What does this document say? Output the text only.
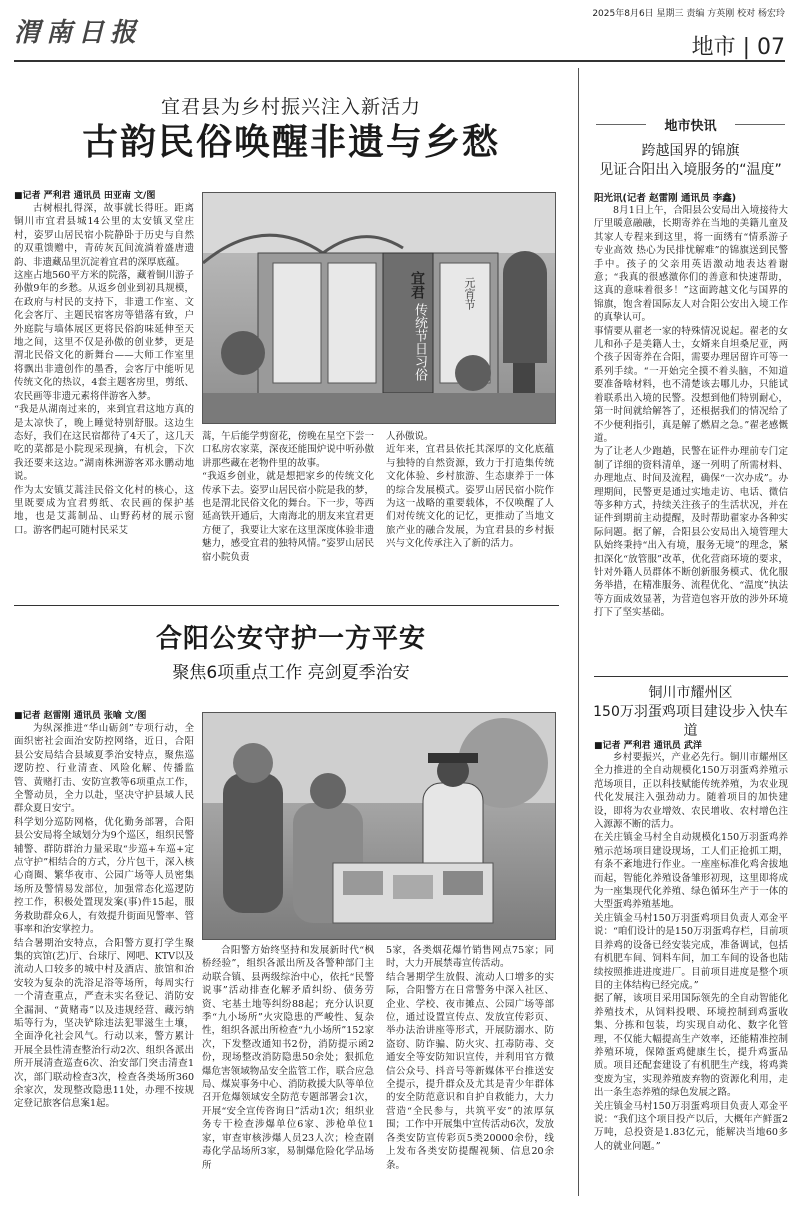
渭南日报
2025年8月6日 星期三 责编 方英刚 校对 杨宏玲
地市 | 07
宜君县为乡村振兴注入新活力
古韵民俗唤醒非遗与乡愁
■记者 严利君 通讯员 田亚南 文/图

古树根扎得深，故事就长得旺。距离铜川市宜君县城14公里的太安镇叉堂庄村，姿罗山居民宿小院静卧于历史与自然的双重馈赠中，青砖灰瓦间流淌着盛唐遗韵、非遗藏品里沉淀着宜君的深厚底蕴。
这座占地560平方米的院落，藏着铜川游子孙傲9年的乡愁。从返乡创业到初具规模，在政府与村民的支持下，非遗工作室、文化会客厅、主题民宿客房等错落有致，户外庭院与墙体展区更将民俗韵味延伸至天地之间，这里不仅是孙傲的创业梦，更是渭北民俗文化的新舞台——大师工作室里将飘出非遗创作的墨香，会客厅中能听见传统文化的热议，4套主题客房里，剪纸、农民画等非遗元素将伴游客入梦。
“我是从湖南过来的，来到宜君这地方真的是太凉快了，晚上睡觉特别舒服。这边生态好，我们在这民宿都待了4天了，这几天吃的菜都是小院现采现摘，有机会，下次我还要来这边。”湖南株洲游客邓永鹏动地说。
作为太安镇艾蒿洼民俗文化村的核心，这里既要成为宜君剪纸、农民画的保护基地，也是艾蒿制品、山野药材的展示窗口。游客們起可随村民采艾

宜君
传统节日习俗
元宵节

蒿，午后能学剪窗花，傍晚在星空下尝一口私房农家菜，深夜还能围炉说中听孙傲讲那些藏在老物件里的故事。
“我返乡创业，就是想把家乡的传统文化传承下去。姿罗山居民宿小院是我的梦，也是渭北民俗文化的舞台。下一步，等西延高铁开通后，大南海北的朋友来宜君更方便了，我要让大家在这里深度体验非遗魅力，感受宜君的独特风情。”姿罗山居民宿小院负责

人孙傲说。
近年来，宜君县依托其深厚的文化底蕴与独特的自然资源，致力于打造集传统文化体验、乡村旅游、生态康养于一体的综合发展模式。姿罗山居民宿小院作为这一战略的重要载体，不仅唤醒了人们对传统文化的记忆，更推动了当地文旅产业的融合发展，为宜君县的乡村振兴与文化传承注入了新的活力。

合阳公安守护一方平安
聚焦6项重点工作 亮剑夏季治安
■记者 赵雷刚 通讯员 张喻 文/图

为纵深推进“华山砺剑”专项行动，全面织密社会面治安防控网络，近日，合阳县公安局结合县域夏季治安特点，聚焦巡逻防控、行业清查、风险化解、传播监管、黄赌打击、安防宣教等6项重点工作，全警动员，全力以赴，坚决守护县域人民群众夏日安宁。
科学划分巡防网格，优化勤务部署，合阳县公安局将全域划分为9个巡区，组织民警辅警、群防群治力量采取“步巡+车巡+定点守护”相结合的方式，分片包干，深入核心商圈、繁华夜市、公园广场等人员密集场所及警情易发部位，加强常态化巡逻防控工作，积极处置现发案(事)件15起，服务救助群众6人，有效提升街面见警率、管事率和治安掌控力。
结合暑期治安特点，合阳警方夏打学生聚集的宾馆(艺)厅、台球厅、网吧、KTV以及流动人口较多的城中村及酒店、旅馆和治安较为复杂的洗浴足浴等场所，每周实行一个清查重点，严查未实名登记、消防安全漏洞、“黄赌毒”以及违规经营、藏污纳垢等行为，坚决铲除违法犯罪滋生土壤，全面净化社会风气。行动以来，警方累计开展全县性清查整治行动2次、组织各派出所开展清查巡查6次、治安部门突击清查1次，部门联动检查3次，检查各类场所360余家次，发现整改隐患11处，办理不按规定登记旅客信息案1起。

合阳警方始终坚持和发展新时代“枫桥经验”，组织各派出所及各警种部门主动联合镇、县两级综治中心，依托“民警说事”活动排查化解矛盾纠纷、债务劳资、宅基土地等纠纷88起；充分认识夏季“九小场所”火灾隐患的严峻性、复杂性，组织各派出所检查“九小场所”152家次，下发整改通知书2份，消防提示函2份，现场整改消防隐患50余处；狠抓危爆危害领域物品安全监管工作，联合应急局、煤炭事务中心、消防救援大队等单位召开危爆领域安全防范专题部署会1次，开展“安全宣传咨询日”活动1次；组织业务专干检查涉爆单位6家、涉枪单位1家，审查审核涉爆人员23人次；检查剧毒化学品场所3家，易制爆危险化学品场所

5家，各类烟花爆竹销售网点75家；同时，大力开展禁毒宣传活动。
结合暑期学生放假、流动人口增多的实际，合阳警方在日常警务中深入社区、企业、学校、夜市摊点、公园广场等部位，通过设置宣传点、发放宣传彩页、举办法治讲座等形式，开展防溺水、防盗窃、防诈骗、防火灾、扛毒防毒、交通安全等安防知识宣传，并利用官方微信公众号、抖音号等新媒体平台推送安全提示，提升群众及尤其是青少年群体的安全防范意识和自护自救能力，大力营造“全民参与，共筑平安”的浓厚氛围；工作中开展集中宣传活动6次，发放各类安防宣传彩页5类20000余份，线上发布各类安防提醒视频、信息20余条。

地市快讯
跨越国界的锦旗
见证合阳出入境服务的“温度”
阳光讯(记者 赵雷刚 通讯员 李鑫)

8月1日上午，合阳县公安局出入境接待大厅里暖意融融，长期寄养在当地的美籍儿童及其家人专程来到这里，将一面绣有“情系游子专业高效 热心为民排忧解难”的锦旗送到民警手中。孩子的父亲用英语激动地表达着谢意；“我真的很感激你们的善意和快速帮助，这真的意味着很多！”这面跨越文化与国界的锦旗，饱含着国际友人对合阳公安出入境工作的真挚认可。
事情要从翟老一家的特殊情况说起。翟老的女儿和孙子是美籍人士，女婿来自坦桑尼亚，两个孩子因寄养在合阳，需要办理居留许可等一系列手续。“一开始完全摸不着头脑，不知道要准备啥材料，也不清楚该去哪儿办，只能试着联系出入境的民警。没想到他们特别耐心，第一时间就给解答了，还根据我们的情况给了不少便利指引，真是解了燃眉之急。”翟老感慨道。
为了让老人少跑趟，民警在证件办理前专门定制了详细的资料清单，逐一列明了所需材料、办理地点、时间及流程，确保“一次办成”。办理期间，民警更是通过实地走访、电话、微信等多种方式，持续关注孩子的生活状况，并在证件到期前主动提醒，及时帮助翟家办各种实际问题。据了解，合阳县公安局出入境管理大队始终秉持“出入有境，服务无境”的理念，紧扣深化“放管服”改革，优化营商环境的要求，针对外籍人员群体不断创新服务模式、优化服务举措，在精准服务、流程优化、“温度”执法等方面成效显著，为营造包容开放的涉外环境打下了坚实基础。

铜川市耀州区
150万羽蛋鸡项目建设步入快车道
■记者 严利君 通讯员 武洋

乡村要振兴，产业必先行。铜川市耀州区全力推进的全自动规模化150万羽蛋鸡养殖示范场项目，正以科技赋能传统养殖，为农业现代化发展注入强劲动力。随着项目的加快建设，即将为农业增效、农民增收、农村增色注入源源不断的活力。
在关庄镇金马村全自动规模化150万羽蛋鸡养殖示范场项目建设现场，工人们正抢抓工期，有条不紊地进行作业。一座座标准化鸡舍拔地而起，智能化养殖设备雏形初现，这里即将成为一座集现代化养殖、绿色循环生产于一体的大型蛋鸡养殖基地。
关庄镇金马村150万羽蛋鸡项目负责人邓金平说：“咱们设计的是150万羽蛋鸡存栏，目前项目养鸡的设备已经安装完成，准备调试，包括有机肥车间、饲料车间，加工车间的设备也陆续按照推进进度进厂。目前项目进度是整个项目的主体结构已经完成。”
据了解，该项目采用国际领先的全自动智能化养殖技术，从饲料投喂、环境控制到鸡蛋收集、分拣和包装，均实现自动化、数字化管理，不仅能大幅提高生产效率，还能精准控制养殖环境，保障蛋鸡健康生长，提升鸡蛋品质。项目还配套建设了有机肥生产线，将鸡粪变废为宝，实现养殖废弃物的资源化利用，走出一条生态养殖的绿色发展之路。
关庄镇金马村150万羽蛋鸡项目负责人邓金平说：“我们这个项目投产以后，大概年产鲜蛋2万吨，总投资是1.83亿元，能解决当地60多人的就业问题。”
